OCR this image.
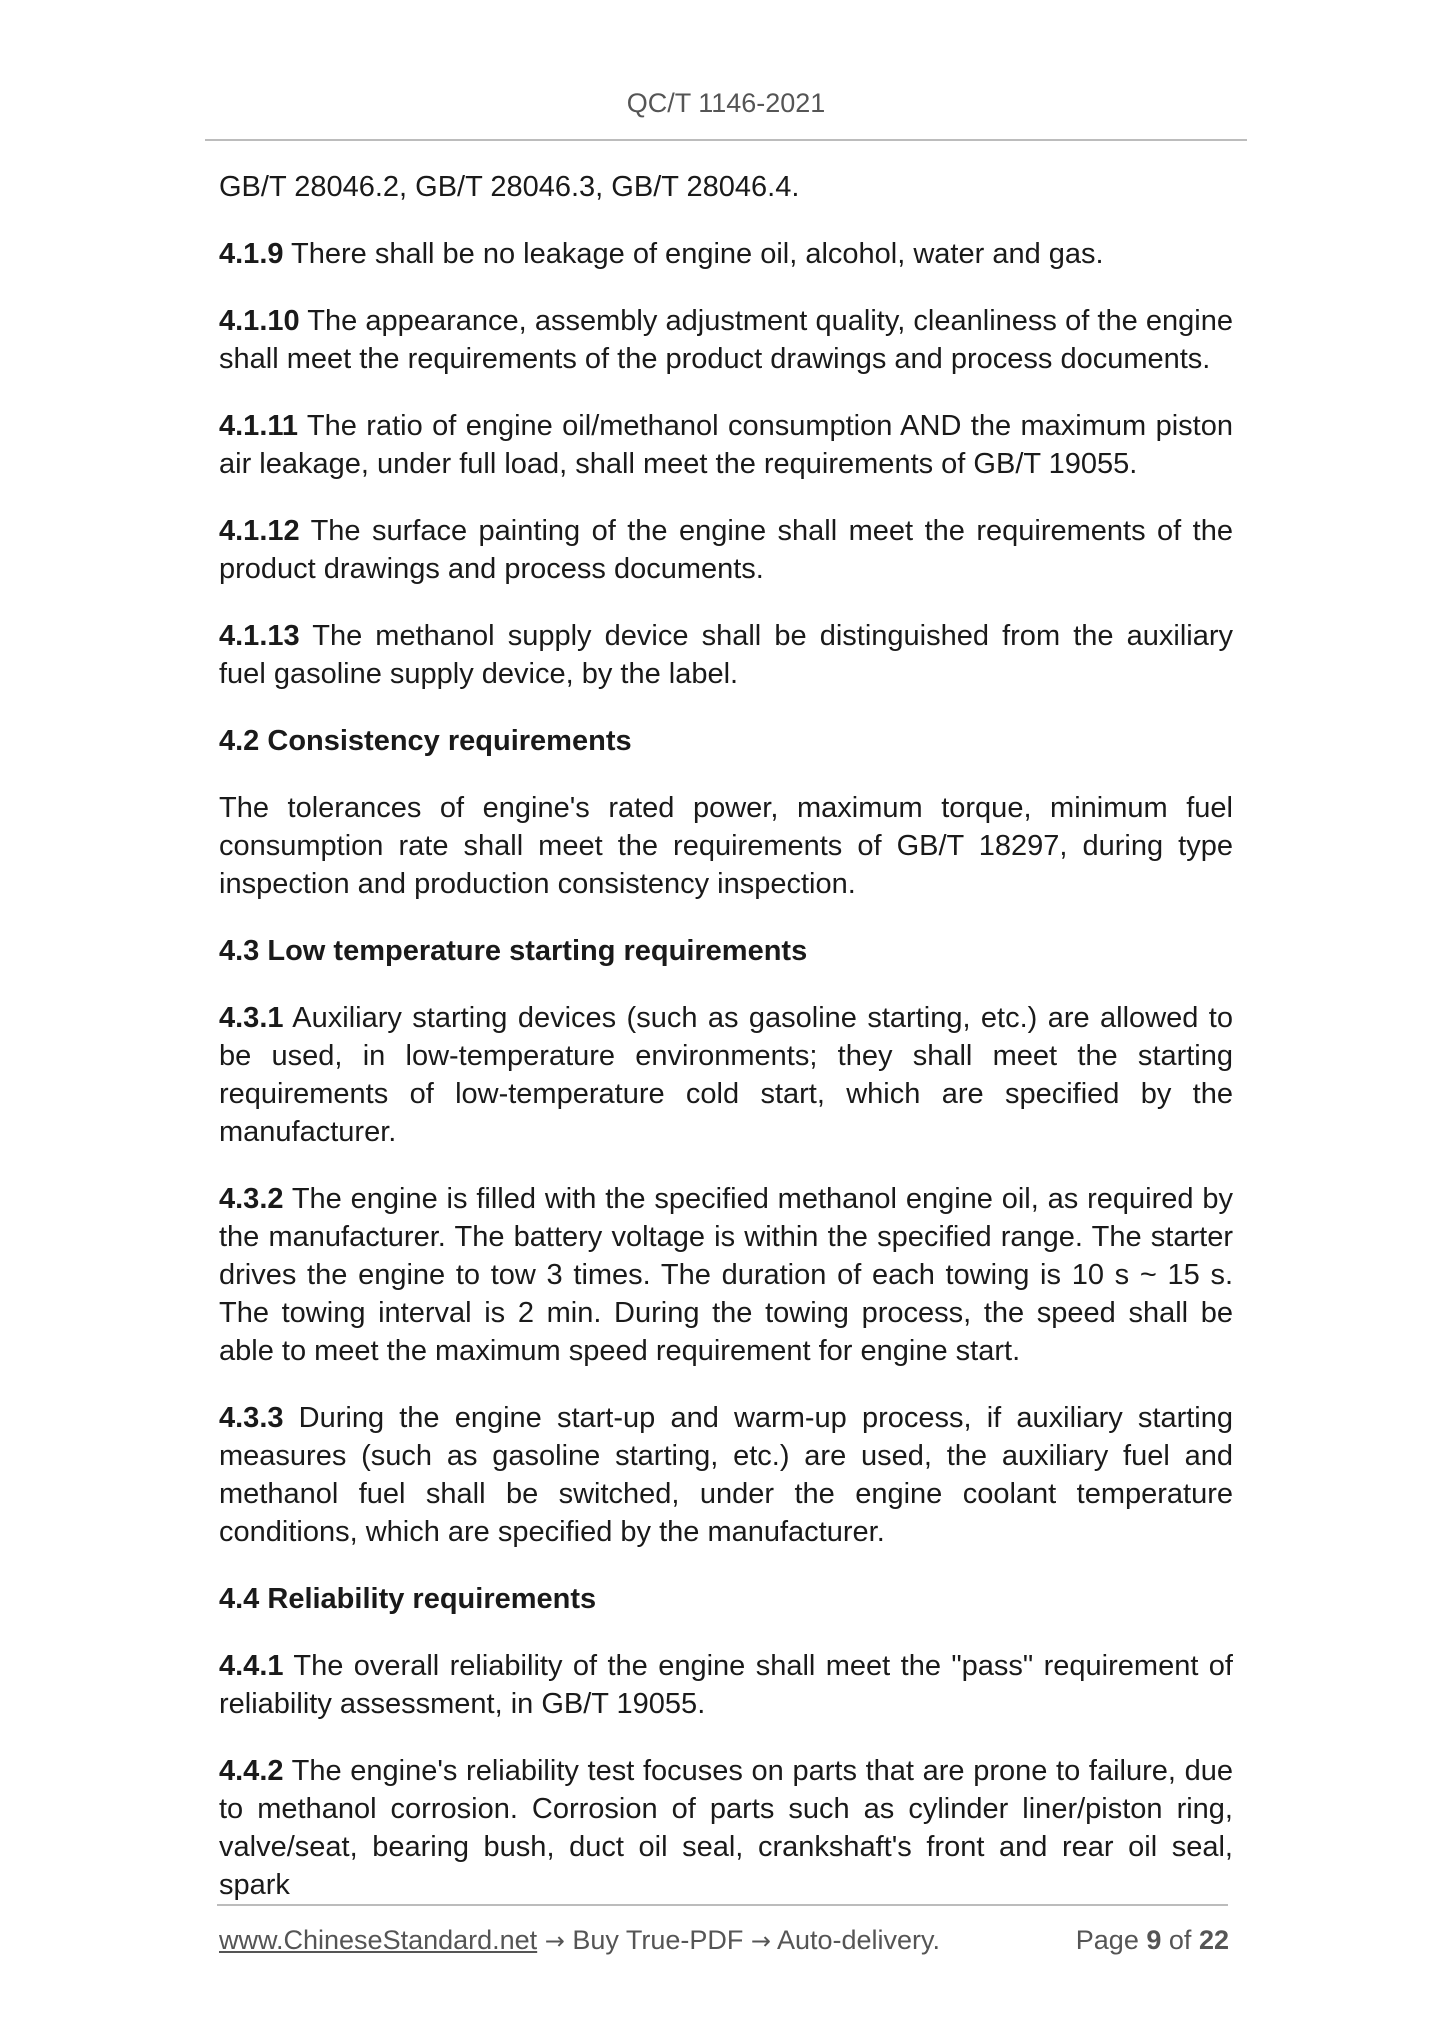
QC/T 1146-2021

GB/T 28046.2, GB/T 28046.3, GB/T 28046.4.

4.1.9 There shall be no leakage of engine oil, alcohol, water and gas.

4.1.10 The appearance, assembly adjustment quality, cleanliness of the engine shall meet the requirements of the product drawings and process documents.

4.1.11 The ratio of engine oil/methanol consumption AND the maximum piston air leakage, under full load, shall meet the requirements of GB/T 19055.

4.1.12 The surface painting of the engine shall meet the requirements of the product drawings and process documents.

4.1.13 The methanol supply device shall be distinguished from the auxiliary fuel gasoline supply device, by the label.

4.2 Consistency requirements

The tolerances of engine's rated power, maximum torque, minimum fuel consumption rate shall meet the requirements of GB/T 18297, during type inspection and production consistency inspection.

4.3 Low temperature starting requirements

4.3.1 Auxiliary starting devices (such as gasoline starting, etc.) are allowed to be used, in low-temperature environments; they shall meet the starting requirements of low-temperature cold start, which are specified by the manufacturer.

4.3.2 The engine is filled with the specified methanol engine oil, as required by the manufacturer. The battery voltage is within the specified range. The starter drives the engine to tow 3 times. The duration of each towing is 10 s ~ 15 s. The towing interval is 2 min. During the towing process, the speed shall be able to meet the maximum speed requirement for engine start.

4.3.3 During the engine start-up and warm-up process, if auxiliary starting measures (such as gasoline starting, etc.) are used, the auxiliary fuel and methanol fuel shall be switched, under the engine coolant temperature conditions, which are specified by the manufacturer.

4.4 Reliability requirements

4.4.1 The overall reliability of the engine shall meet the "pass" requirement of reliability assessment, in GB/T 19055.

4.4.2 The engine's reliability test focuses on parts that are prone to failure, due to methanol corrosion. Corrosion of parts such as cylinder liner/piston ring, valve/seat, bearing bush, duct oil seal, crankshaft's front and rear oil seal, spark

www.ChineseStandard.net → Buy True-PDF → Auto-delivery.	Page 9 of 22
